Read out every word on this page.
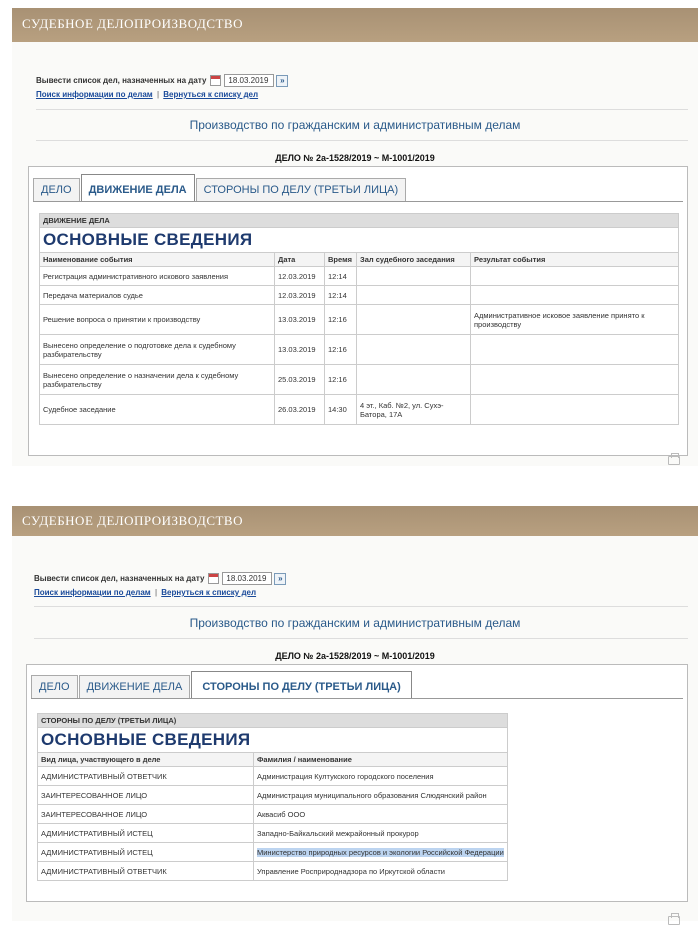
СУДЕБНОЕ ДЕЛОПРОИЗВОДСТВО
Вывести список дел, назначенных на дату	18.03.2019	»
Поиск информации по делам | Вернуться к списку дел
Производство по гражданским и административным делам
ДЕЛО № 2а-1528/2019 ~ М-1001/2019
ДЕЛО	ДВИЖЕНИЕ ДЕЛА	СТОРОНЫ ПО ДЕЛУ (ТРЕТЬИ ЛИЦА)
ДВИЖЕНИЕ ДЕЛА				
ОСНОВНЫЕ СВЕДЕНИЯ				
Наименование события	Дата	Время	Зал судебного заседания	Результат события
Регистрация административного искового заявления	12.03.2019	12:14		
Передача материалов судье	12.03.2019	12:14		
Решение вопроса о принятии к производству	13.03.2019	12:16		Административное исковое заявление принято к производству
Вынесено определение о подготовке дела к судебному разбирательству	13.03.2019	12:16		
Вынесено определение о назначении дела к судебному разбирательству	25.03.2019	12:16		
Судебное заседание	26.03.2019	14:30	4 эт., Каб. №2, ул. Сухэ-Батора, 17А	
СУДЕБНОЕ ДЕЛОПРОИЗВОДСТВО
Вывести список дел, назначенных на дату	18.03.2019	»
Поиск информации по делам | Вернуться к списку дел
Производство по гражданским и административным делам
ДЕЛО № 2а-1528/2019 ~ М-1001/2019
ДЕЛО	ДВИЖЕНИЕ ДЕЛА	СТОРОНЫ ПО ДЕЛУ (ТРЕТЬИ ЛИЦА)
СТОРОНЫ ПО ДЕЛУ (ТРЕТЬИ ЛИЦА)	
ОСНОВНЫЕ СВЕДЕНИЯ	
Вид лица, участвующего в деле	Фамилия / наименование
АДМИНИСТРАТИВНЫЙ ОТВЕТЧИК	Администрация Култукского городского поселения
ЗАИНТЕРЕСОВАННОЕ ЛИЦО	Администрация муниципального образования Слюдянский район
ЗАИНТЕРЕСОВАННОЕ ЛИЦО	Аквасиб ООО
АДМИНИСТРАТИВНЫЙ ИСТЕЦ	Западно-Байкальский межрайонный прокурор
АДМИНИСТРАТИВНЫЙ ИСТЕЦ	Министерство природных ресурсов и экологии Российской Федерации
АДМИНИСТРАТИВНЫЙ ОТВЕТЧИК	Управление Росприроднадзора по Иркутской области
